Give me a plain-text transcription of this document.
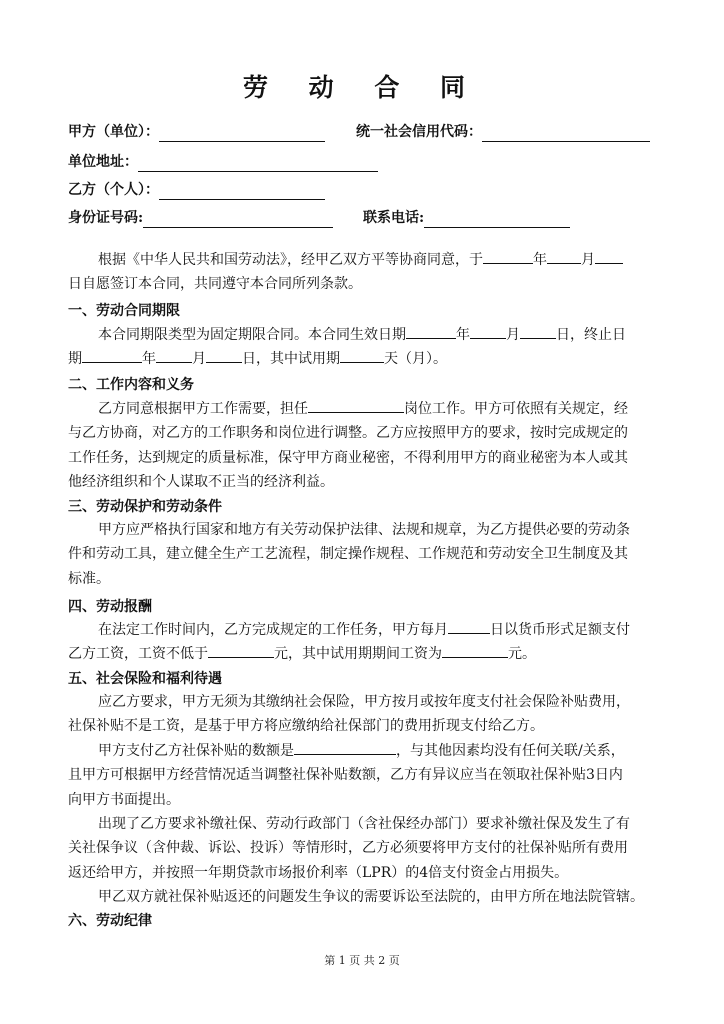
劳 动 合 同
甲方（单位）：	统一社会信用代码：
单位地址：
乙方（个人）：
身份证号码:	联系电话:
根据《中华人民共和国劳动法》，经甲乙双方平等协商同意，于	年 月
日自愿签订本合同，共同遵守本合同所列条款。
一、劳动合同期限
本合同期限类型为固定期限合同。本合同生效日期	年	月	日，终止日
期	年	月	日，其中试用期	天（月）。
二、工作内容和义务
乙方同意根据甲方工作需要，担任	岗位工作。甲方可依照有关规定，经
与乙方协商，对乙方的工作职务和岗位进行调整。乙方应按照甲方的要求，按时完成规定的
工作任务，达到规定的质量标准，保守甲方商业秘密，不得利用甲方的商业秘密为本人或其
他经济组织和个人谋取不正当的经济利益。
三、劳动保护和劳动条件
甲方应严格执行国家和地方有关劳动保护法律、法规和规章，为乙方提供必要的劳动条
件和劳动工具，建立健全生产工艺流程，制定操作规程、工作规范和劳动安全卫生制度及其
标准。
四、劳动报酬
在法定工作时间内，乙方完成规定的工作任务，甲方每月	日以货币形式足额支付
乙方工资，工资不低于	元，其中试用期期间工资为	元。
五、社会保险和福利待遇
应乙方要求，甲方无须为其缴纳社会保险，甲方按月或按年度支付社会保险补贴费用，
社保补贴不是工资，是基于甲方将应缴纳给社保部门的费用折现支付给乙方。
甲方支付乙方社保补贴的数额是	，与其他因素均没有任何关联/关系，
且甲方可根据甲方经营情况适当调整社保补贴数额，乙方有异议应当在领取社保补贴3日内
向甲方书面提出。
出现了乙方要求补缴社保、劳动行政部门（含社保经办部门）要求补缴社保及发生了有
关社保争议（含仲裁、诉讼、投诉）等情形时，乙方必须要将甲方支付的社保补贴所有费用
返还给甲方，并按照一年期贷款市场报价利率（LPR）的4倍支付资金占用损失。
甲乙双方就社保补贴返还的问题发生争议的需要诉讼至法院的，由甲方所在地法院管辖。
六、劳动纪律
第 1 页 共 2 页
